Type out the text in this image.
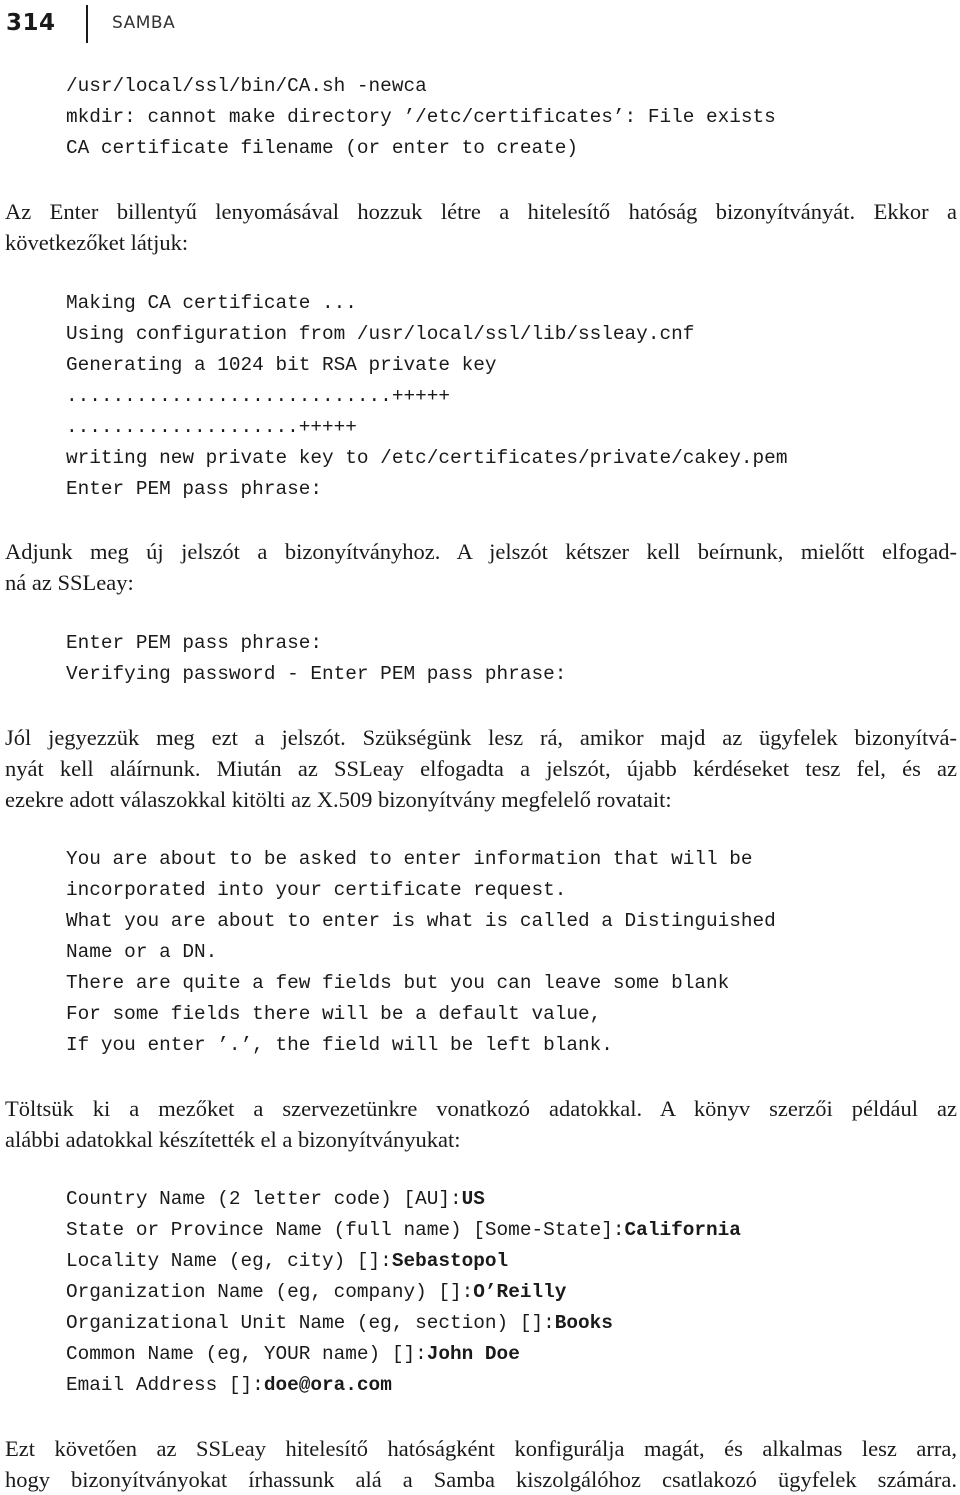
314	SAMBA
/usr/local/ssl/bin/CA.sh -newca
mkdir: cannot make directory ’/etc/certificates’: File exists
CA certificate filename (or enter to create)
Az Enter billentyű lenyomásával hozzuk létre a hitelesítő hatóság bizonyítványát. Ekkor a
következőket látjuk:
Making CA certificate ...
Using configuration from /usr/local/ssl/lib/ssleay.cnf
Generating a 1024 bit RSA private key
............................+++++
....................+++++
writing new private key to /etc/certificates/private/cakey.pem
Enter PEM pass phrase:
Adjunk meg új jelszót a bizonyítványhoz. A jelszót kétszer kell beírnunk, mielőtt elfogad-
ná az SSLeay:
Enter PEM pass phrase:
Verifying password - Enter PEM pass phrase:
Jól jegyezzük meg ezt a jelszót. Szükségünk lesz rá, amikor majd az ügyfelek bizonyítvá-
nyát kell aláírnunk. Miután az SSLeay elfogadta a jelszót, újabb kérdéseket tesz fel, és az
ezekre adott válaszokkal kitölti az X.509 bizonyítvány megfelelő rovatait:
You are about to be asked to enter information that will be
incorporated into your certificate request.
What you are about to enter is what is called a Distinguished
Name or a DN.
There are quite a few fields but you can leave some blank
For some fields there will be a default value,
If you enter ’.’, the field will be left blank.
Töltsük ki a mezőket a szervezetünkre vonatkozó adatokkal. A könyv szerzői például az
alábbi adatokkal készítették el a bizonyítványukat:
Country Name (2 letter code) [AU]:US
State or Province Name (full name) [Some-State]:California
Locality Name (eg, city) []:Sebastopol
Organization Name (eg, company) []:O’Reilly
Organizational Unit Name (eg, section) []:Books
Common Name (eg, YOUR name) []:John Doe
Email Address []:doe@ora.com
Ezt követően az SSLeay hitelesítő hatóságként konfigurálja magát, és alkalmas lesz arra,
hogy bizonyítványokat írhassunk alá a Samba kiszolgálóhoz csatlakozó ügyfelek számára.
